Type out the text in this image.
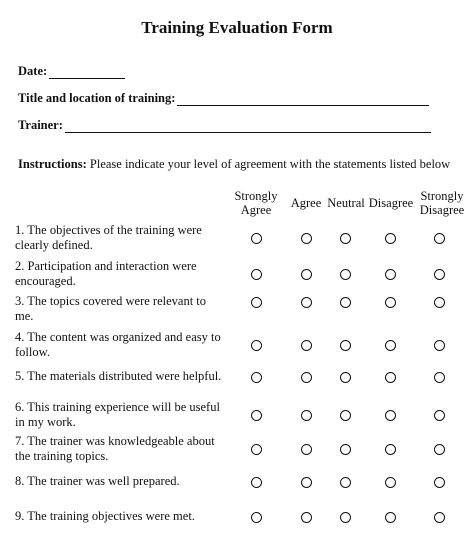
Training Evaluation Form
Date:
Title and location of training:
Trainer:
Instructions: Please indicate your level of agreement with the statements listed below
Strongly Agree	Agree Neutral Disagree Strongly Disagree
1. The objectives of the training were clearly defined.
2. Participation and interaction were encouraged.
3. The topics covered were relevant to me.
4. The content was organized and easy to follow.
5. The materials distributed were helpful.
6. This training experience will be useful in my work.
7. The trainer was knowledgeable about the training topics.
8. The trainer was well prepared.
9. The training objectives were met.
